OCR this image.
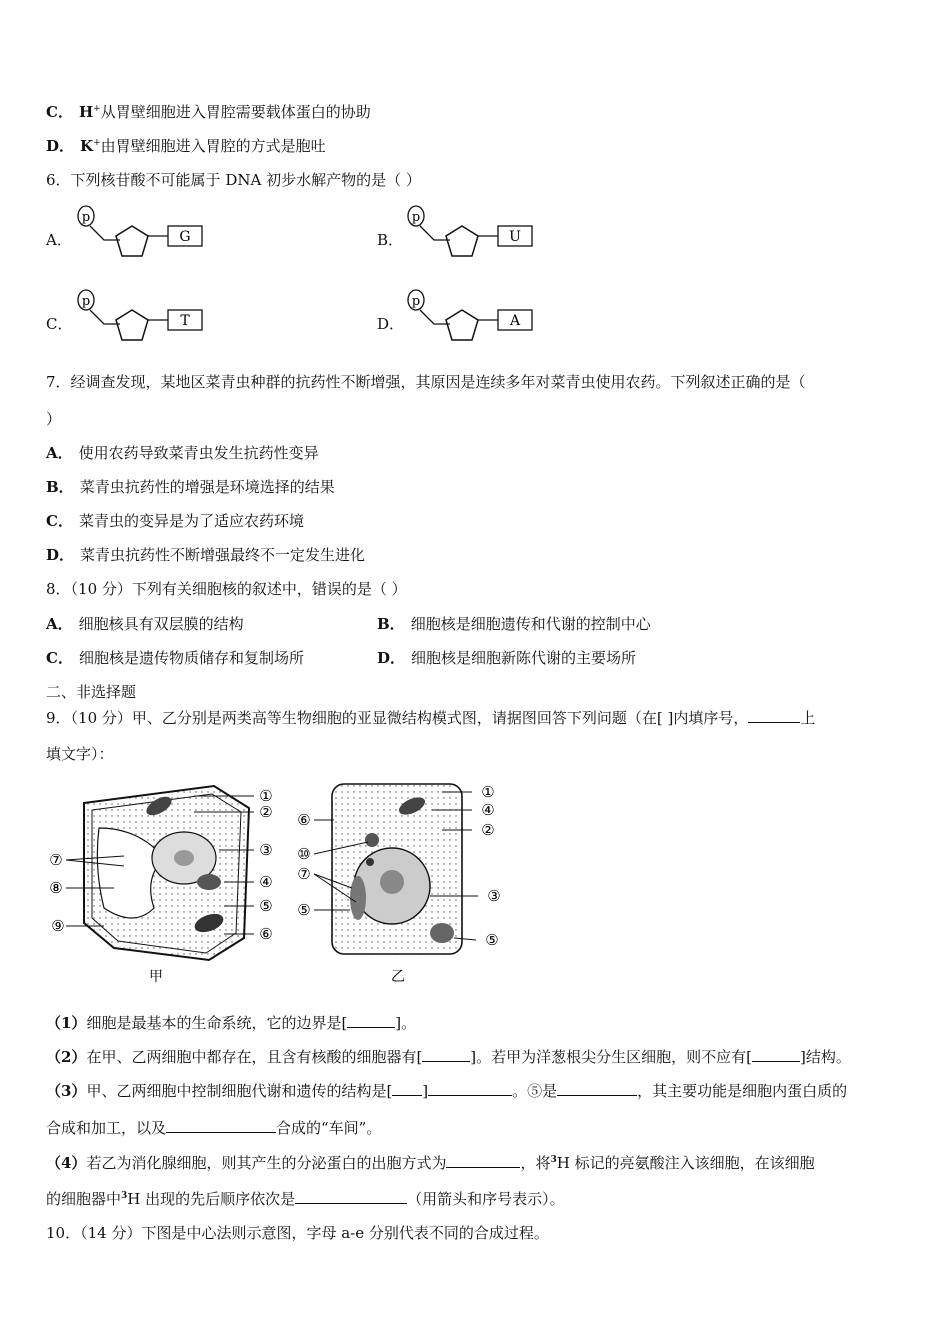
C． H+从胃壁细胞进入胃腔需要载体蛋白的协助
D． K+由胃壁细胞进入胃腔的方式是胞吐
6．下列核苷酸不可能属于 DNA 初步水解产物的是（ ）
A．	B．
C．	D．
p
G
p
U
p
T
p
A
7．经调查发现，某地区菜青虫种群的抗药性不断增强，其原因是连续多年对菜青虫使用农药。下列叙述正确的是（
）
A． 使用农药导致菜青虫发生抗药性变异
B． 菜青虫抗药性的增强是环境选择的结果
C． 菜青虫的变异是为了适应农药环境
D． 菜青虫抗药性不断增强最终不一定发生进化
8．（10 分）下列有关细胞核的叙述中，错误的是（ ）
A． 细胞核具有双层膜的结构	B． 细胞核是细胞遗传和代谢的控制中心
C． 细胞核是遗传物质储存和复制场所	D． 细胞核是细胞新陈代谢的主要场所
二、非选择题
9．（10 分）甲、乙分别是两类高等生物细胞的亚显微结构模式图，请据图回答下列问题（在[ ]内填序号，	上
填文字）：
①
②
③
④
⑤
⑥
⑦
⑧
⑨
甲
①
④
②
⑥
⑩
⑦
③
⑤
⑤
乙
（1）细胞是最基本的生命系统，它的边界是[	]。
（2）在甲、乙两细胞中都存在，且含有核酸的细胞器有[	]。若甲为洋葱根尖分生区细胞，则不应有[	]结构。
（3）甲、乙两细胞中控制细胞代谢和遗传的结构是[ ]	。⑤是	，其主要功能是细胞内蛋白质的
合成和加工，以及	合成的“车间”。
（4）若乙为消化腺细胞，则其产生的分泌蛋白的出胞方式为	，将$^3$H 标记的亮氨酸注入该细胞，在该细胞
的细胞器中$^3$H 出现的先后顺序依次是	（用箭头和序号表示）。
10．（14 分）下图是中心法则示意图，字母 a-e 分别代表不同的合成过程。
